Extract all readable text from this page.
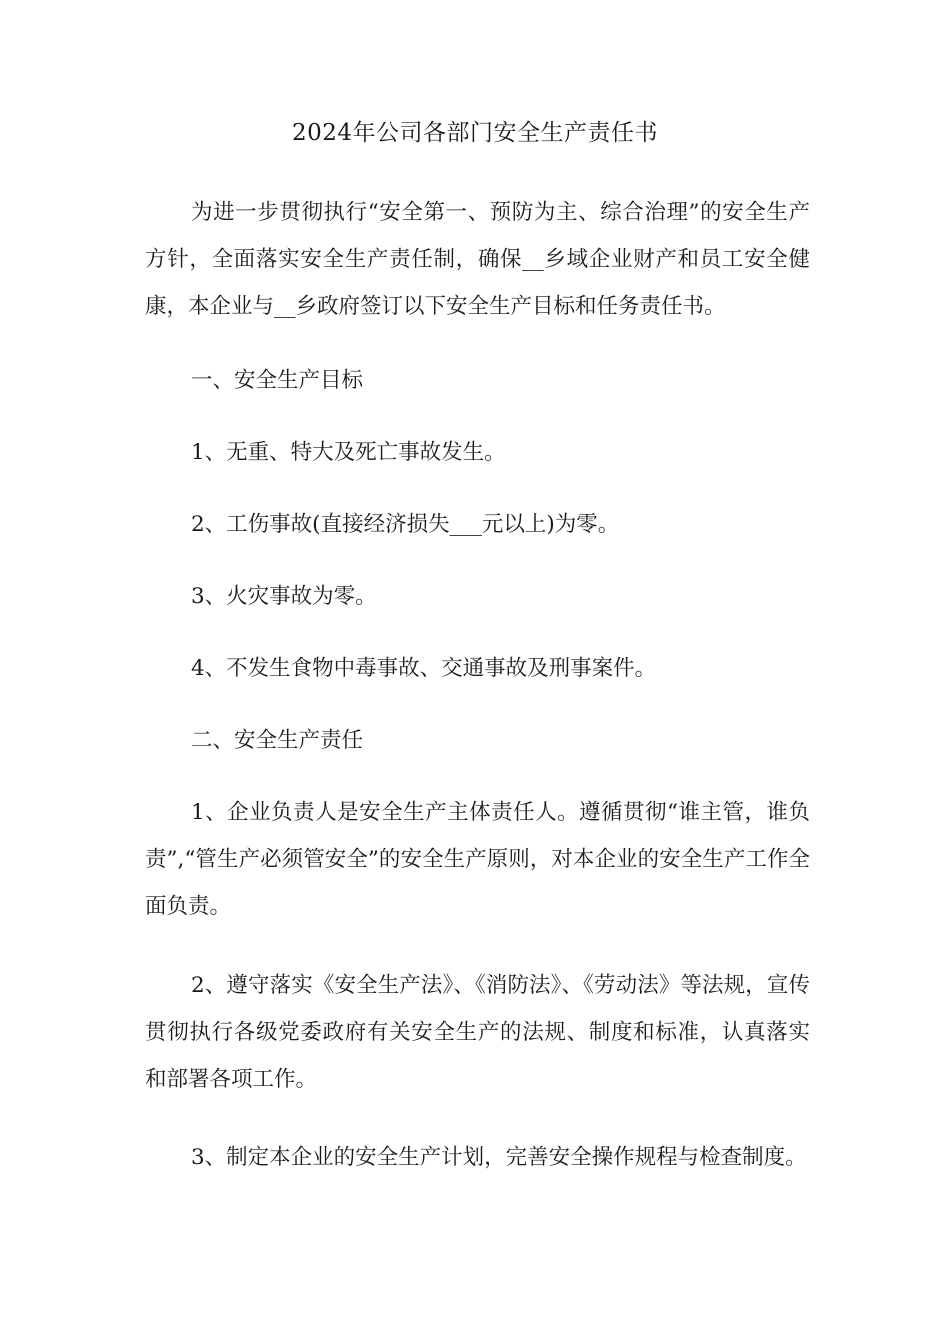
2024年公司各部门安全生产责任书

为进一步贯彻执行“安全第一、预防为主、综合治理”的安全生产方针，全面落实安全生产责任制，确保__乡域企业财产和员工安全健康，本企业与__乡政府签订以下安全生产目标和任务责任书。

一、安全生产目标

1、无重、特大及死亡事故发生。

2、工伤事故(直接经济损失___元以上)为零。

3、火灾事故为零。

4、不发生食物中毒事故、交通事故及刑事案件。

二、安全生产责任

1、企业负责人是安全生产主体责任人。遵循贯彻“谁主管，谁负责”,“管生产必须管安全”的安全生产原则，对本企业的安全生产工作全面负责。

2、遵守落实《安全生产法》、《消防法》、《劳动法》等法规，宣传贯彻执行各级党委政府有关安全生产的法规、制度和标准，认真落实和部署各项工作。

3、制定本企业的安全生产计划，完善安全操作规程与检查制度。
